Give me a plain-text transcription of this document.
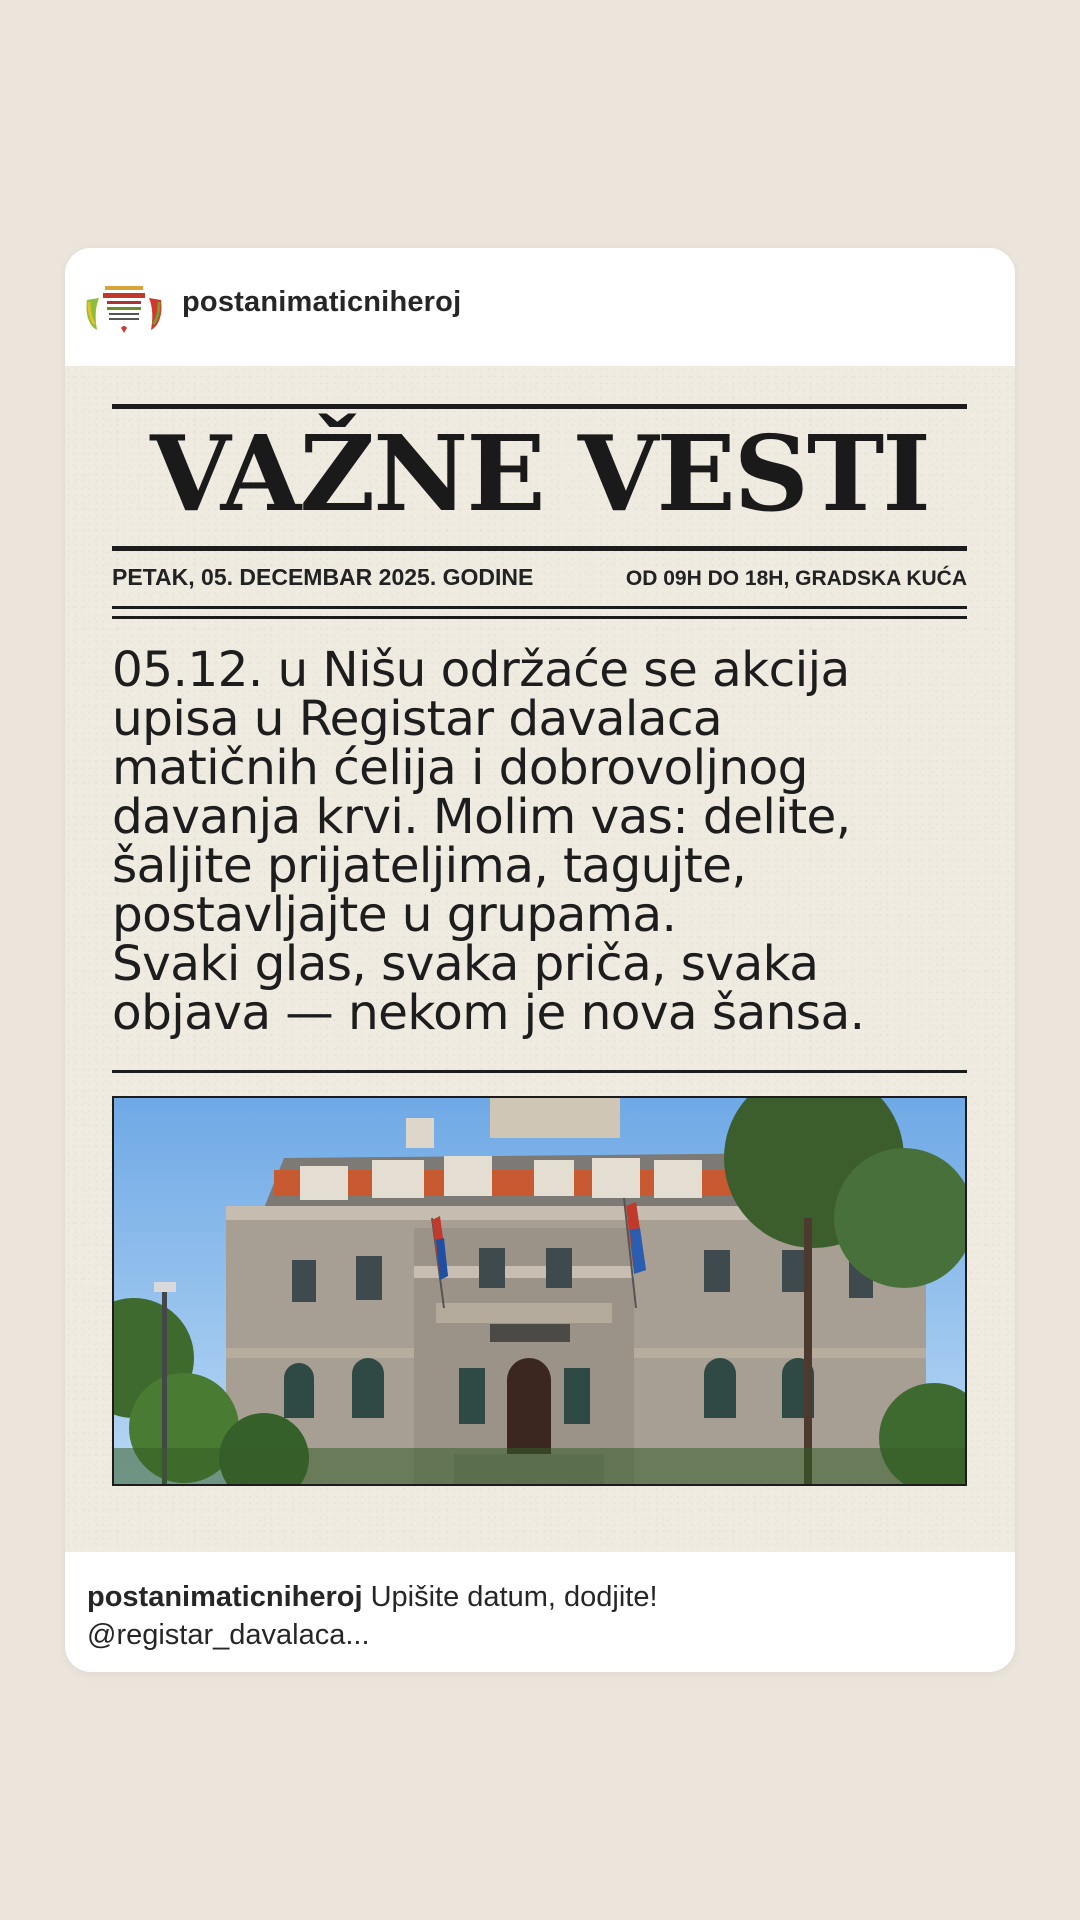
postanimaticniheroj
VAŽNE VESTI
PETAK, 05. DECEMBAR 2025. GODINE	OD 09H DO 18H, GRADSKA KUĆA
05.12. u Nišu održaće se akcija
upisa u Registar davalaca
matičnih ćelija i dobrovoljnog
davanja krvi. Molim vas: delite,
šaljite prijateljima, tagujte,
postavljajte u grupama.
Svaki glas, svaka priča, svaka
objava — nekom je nova šansa.
postanimaticniheroj Upišite datum, dodjite!
@registar_davalaca...
